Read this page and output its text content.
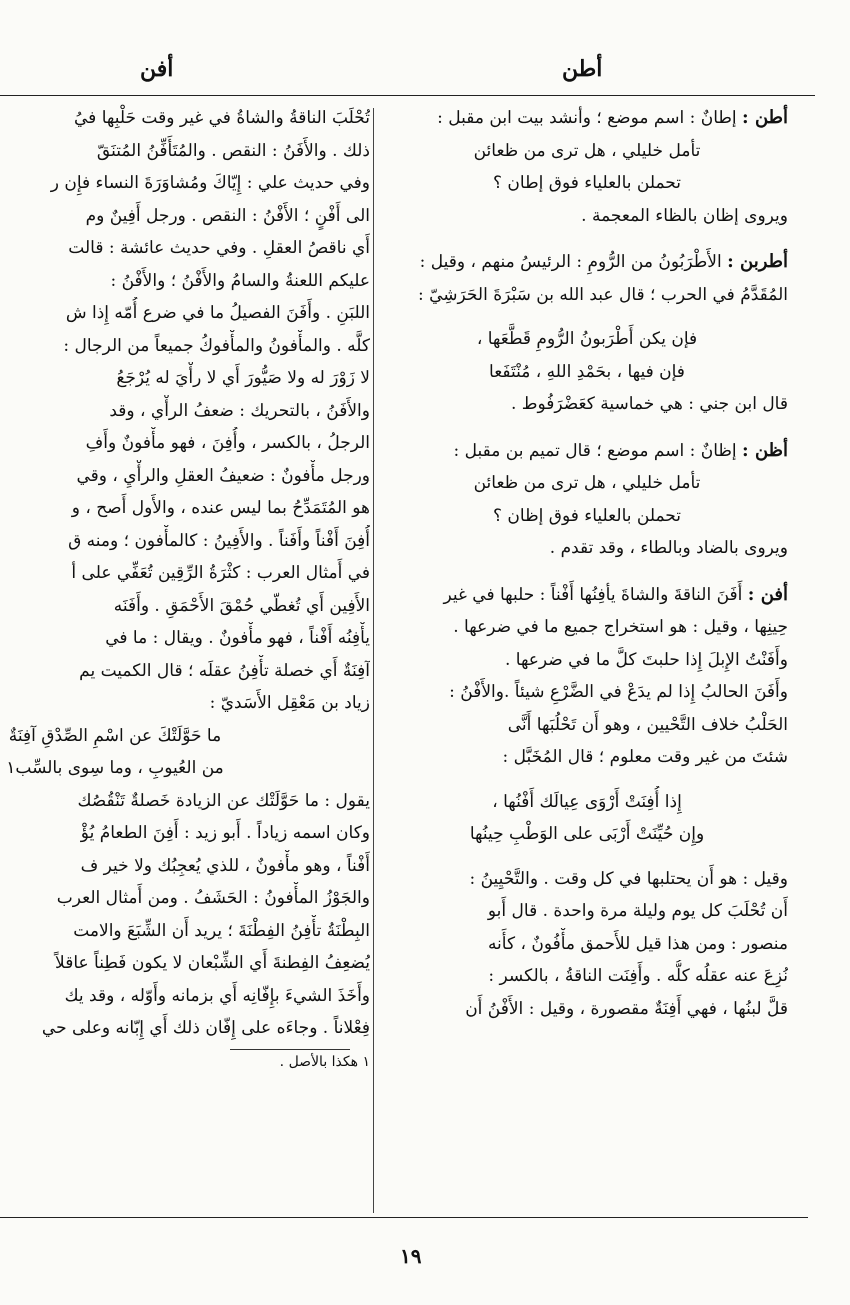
أطن
أفن
أطن : إطانٌ : اسم موضع ؛ وأنشد بيت ابن مقبل :
تأمل خليلي ، هل ترى من ظعائن
تحملن بالعلياء فوق إطان ؟
ويروى إظان بالظاء المعجمة .
أطربن : الأَطْرَبُونُ من الرُّومِ : الرئيسُ منهم ، وقيل :
المُقَدَّمُ في الحرب ؛ قال عبد الله بن سَبْرَةَ الحَرَشِيّ :
فإن يكن أَطْرَبونُ الرُّومِ قَطَّعَها ،
فإن فيها ، بحَمْدِ اللهِ ، مُنْتَفَعا
قال ابن جني : هي خماسية كعَضْرَفُوط .
أظن : إظانٌ : اسم موضع ؛ قال تميم بن مقبل :
تأمل خليلي ، هل ترى من ظعائن
تحملن بالعلياء فوق إظان ؟
ويروى بالضاد وبالطاء ، وقد تقدم .
أفن : أَفَنَ الناقةَ والشاةَ يأفِنُها أَفْناً : حلبها في غير
حِينِها ، وقيل : هو استخراج جميع ما في ضرعها .
وأَفَنْتُ الإِبلَ إِذا حلبتَ كلَّ ما في ضرعها .
وأَفَنَ الحالبُ إِذا لم يدَعْ في الضَّرْعِ شيئاً .والأَفْنُ :
الحَلْبُ خلاف التَّحْيين ، وهو أَن تَحْلُبَها أَنَّى
شئتَ من غير وقت معلوم ؛ قال المُخَبَّل :
إِذا أُفِنَتْ أَرْوَى عِيالَك أَفْنُها ،
وإِن حُيِّنَتْ أَرْبَى على الوَطْبِ حِينُها
وقيل : هو أَن يحتلبها في كل وقت . والتَّحْيِينُ :
أَن تُحْلَبَ كل يوم وليلة مرة واحدة . قال أَبو
منصور : ومن هذا قيل للأَحمق مأْفُونٌ ، كأَنه
نُزِعَ عنه عقلُه كلُّه . وأَفِنَت الناقةُ ، بالكسر :
قلَّ لبنُها ، فهي أَفِنَةٌ مقصورة ، وقيل : الأَفْنُ أَن
تُحْلَبَ الناقةُ والشاةُ في غير وقت حَلْبِها فيُ
ذلك . والأَفَنُ : النقص . والمُتَأَفِّنُ المُتنَقّ
وفي حديث علي : إِيّاكَ ومُشاوَرَةَ النساء فإِن ر
الى أَفْنٍ ؛ الأَفْنُ : النقص . ورجل أَفِينٌ وم
أَي ناقصُ العقلِ . وفي حديث عائشة : قالت
عليكم اللعنةُ والسامُ والأَفْنُ ؛ والأَفْنُ :
اللبَنِ . وأَفَنَ الفصيلُ ما في ضرع أُمّه إِذا ش
كلَّه . والمأْفونُ والمأْفوكُ جميعاً من الرجال :
لا زَوْرَ له ولا صَيُّورَ أَي لا رأْيَ له يُرْجَعُ
والأَفَنُ ، بالتحريك : ضعفُ الرأْي ، وقد
الرجلُ ، بالكسر ، وأُفِنَ ، فهو مأْفونٌ وأَفِ
ورجل مأْفونٌ : ضعيفُ العقلِ والرأْيِ ، وقي
هو المُتَمَدِّحُ بما ليس عنده ، والأَول أَصح ، و
أُفِنَ أَفْناً وأَفَناً . والأَفِينُ : كالمأْفون ؛ ومنه ق
في أَمثال العرب : كثْرَةُ الرِّقِين تُعَفِّي على أ
الأَفِين أَي تُغطّي حُمْقَ الأَحْمَقِ . وأَفَنَه
يأْفِنُه أَفْناً ، فهو مأْفونٌ . ويقال : ما في
آفِنَةٌ أَي خصلة تأْفِنُ عقلَه ؛ قال الكميت يم
زياد بن مَعْقِل الأَسَديّ :
ما حَوَّلَتْكَ عن اسْمِ الصِّدْقِ آفِنَةٌ
من العُيوبِ ، وما سِوى بالسِّب١
يقول : ما حَوَّلَتْك عن الزيادة خَصلةٌ تَنْقُصُك
وكان اسمه زياداً . أَبو زيد : أَفِنَ الطعامُ يُؤْ
أَفْناً ، وهو مأْفونٌ ، للذي يُعجِبُك ولا خير ف
والجَوْزُ المأْفونُ : الحَشَفُ . ومن أَمثال العرب
البِطْنَةُ تأْفِنُ الفِطْنَةَ ؛ يريد أَن الشِّبَعَ والامت
يُضعِفُ الفِطنةَ أَي الشِّبْعان لا يكون فَطِناً عاقلاً
وأَخَذَ الشيءَ بإِفّانِه أَي بزمانه وأَوّله ، وقد يك
فِعْلاناً . وجاءَه على إِفّان ذلك أَي إِبّانه وعلى حي
١ هكذا بالأصل .
١٩
